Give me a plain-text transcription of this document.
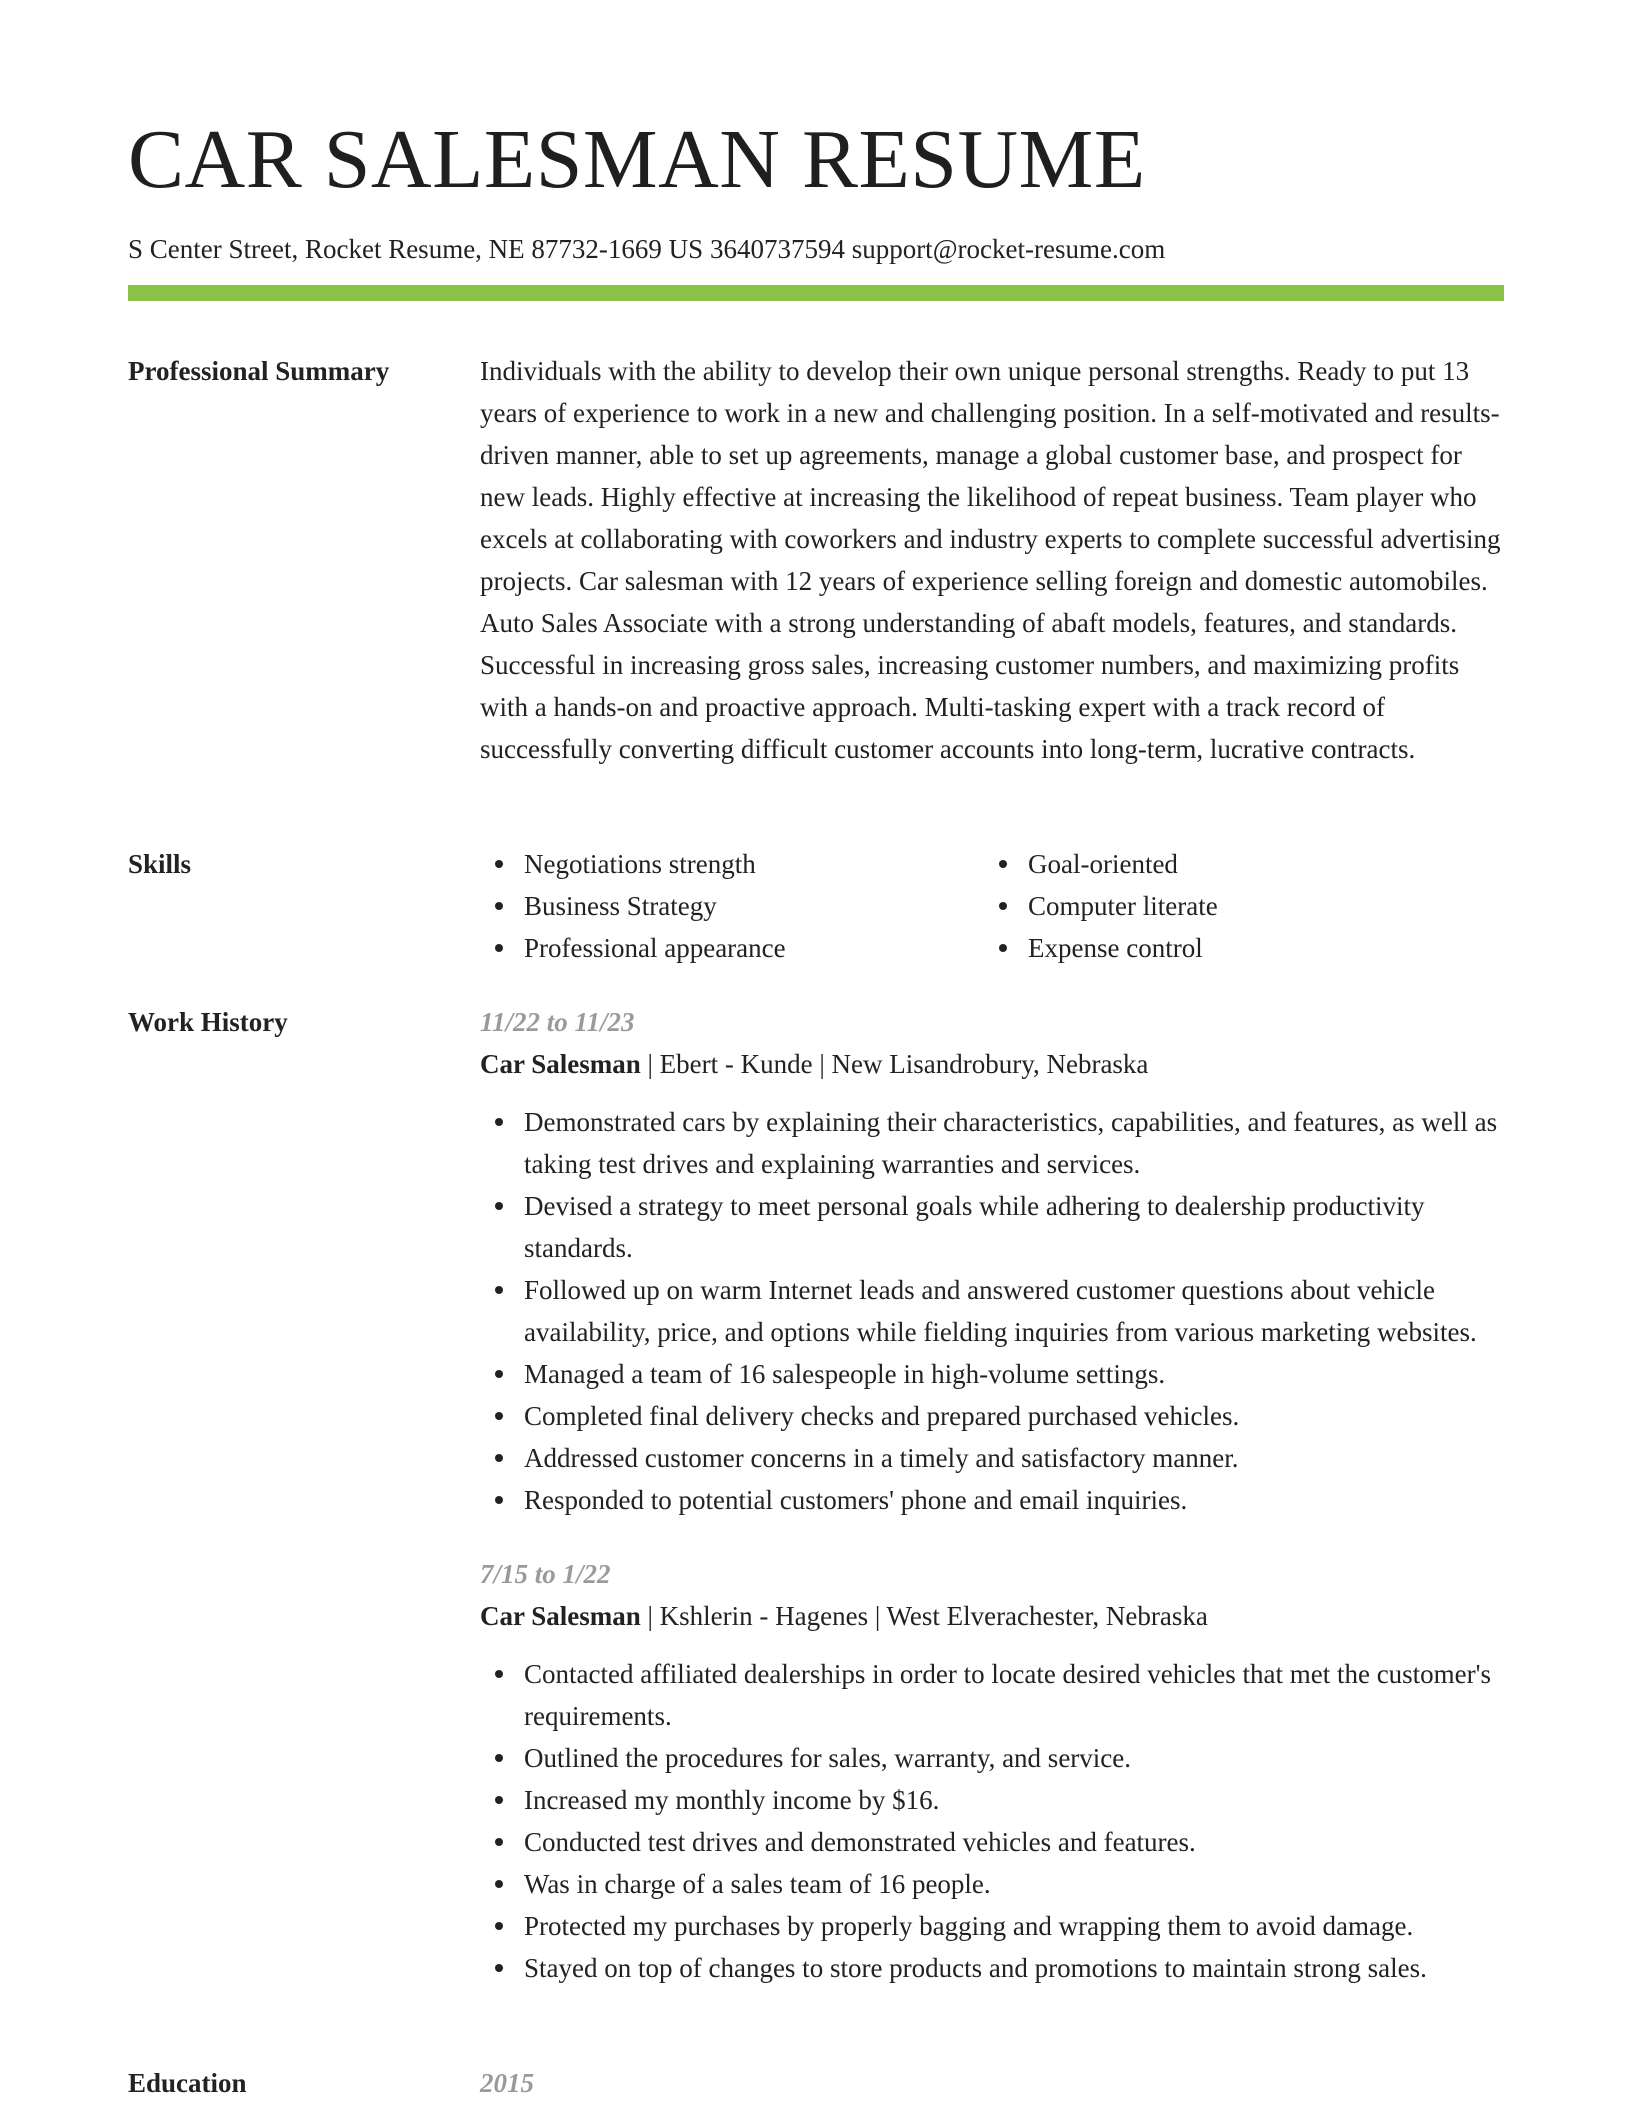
CAR SALESMAN RESUME
S Center Street, Rocket Resume, NE 87732-1669 US 3640737594 support@rocket-resume.com
Professional Summary	Individuals with the ability to develop their own unique personal strengths. Ready to put 13 years of experience to work in a new and challenging position. In a self-motivated and results-driven manner, able to set up agreements, manage a global customer base, and prospect for new leads. Highly effective at increasing the likelihood of repeat business. Team player who excels at collaborating with coworkers and industry experts to complete successful advertising projects. Car salesman with 12 years of experience selling foreign and domestic automobiles. Auto Sales Associate with a strong understanding of abaft models, features, and standards. Successful in increasing gross sales, increasing customer numbers, and maximizing profits with a hands-on and proactive approach. Multi-tasking expert with a track record of successfully converting difficult customer accounts into long-term, lucrative contracts.
Skills	Negotiations strength
Business Strategy
Professional appearance
Goal-oriented
Computer literate
Expense control
Work History	11/22 to 11/23
Car Salesman | Ebert - Kunde | New Lisandrobury, Nebraska
Demonstrated cars by explaining their characteristics, capabilities, and features, as well as taking test drives and explaining warranties and services.
Devised a strategy to meet personal goals while adhering to dealership productivity standards.
Followed up on warm Internet leads and answered customer questions about vehicle availability, price, and options while fielding inquiries from various marketing websites.
Managed a team of 16 salespeople in high-volume settings.
Completed final delivery checks and prepared purchased vehicles.
Addressed customer concerns in a timely and satisfactory manner.
Responded to potential customers' phone and email inquiries.
7/15 to 1/22
Car Salesman | Kshlerin - Hagenes | West Elverachester, Nebraska
Contacted affiliated dealerships in order to locate desired vehicles that met the customer's requirements.
Outlined the procedures for sales, warranty, and service.
Increased my monthly income by $16.
Conducted test drives and demonstrated vehicles and features.
Was in charge of a sales team of 16 people.
Protected my purchases by properly bagging and wrapping them to avoid damage.
Stayed on top of changes to store products and promotions to maintain strong sales.
Education	2015
